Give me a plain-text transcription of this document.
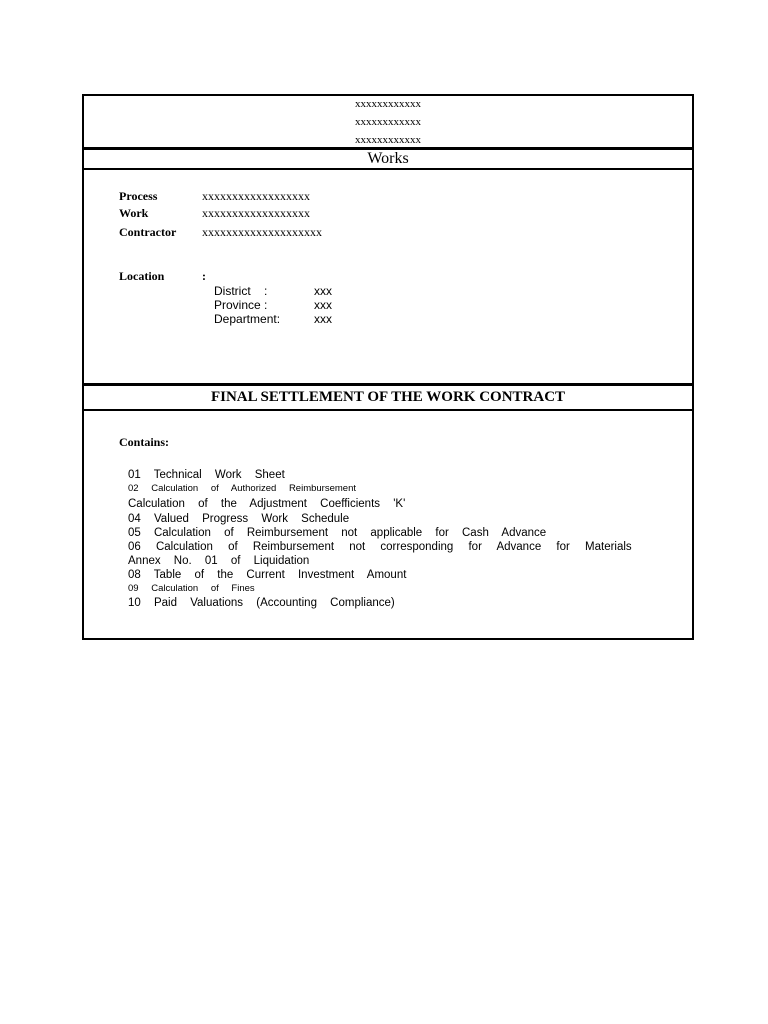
xxxxxxxxxxxx
xxxxxxxxxxxx
xxxxxxxxxxxx
Works
Process	xxxxxxxxxxxxxxxxxx
Work	xxxxxxxxxxxxxxxxxx
Contractor xxxxxxxxxxxxxxxxxxxx
Location	:
District    :	xxx
Province :	xxx
Department:	xxx
FINAL SETTLEMENT OF THE WORK CONTRACT
Contains:
01 Technical Work Sheet
02 Calculation of Authorized Reimbursement
Calculation of the Adjustment Coefficients 'K'
04 Valued Progress Work Schedule
05 Calculation of Reimbursement not applicable for Cash Advance
06 Calculation of Reimbursement not corresponding for Advance for Materials
Annex No. 01 of Liquidation
08 Table of the Current Investment Amount
09 Calculation of Fines
10 Paid Valuations (Accounting Compliance)
